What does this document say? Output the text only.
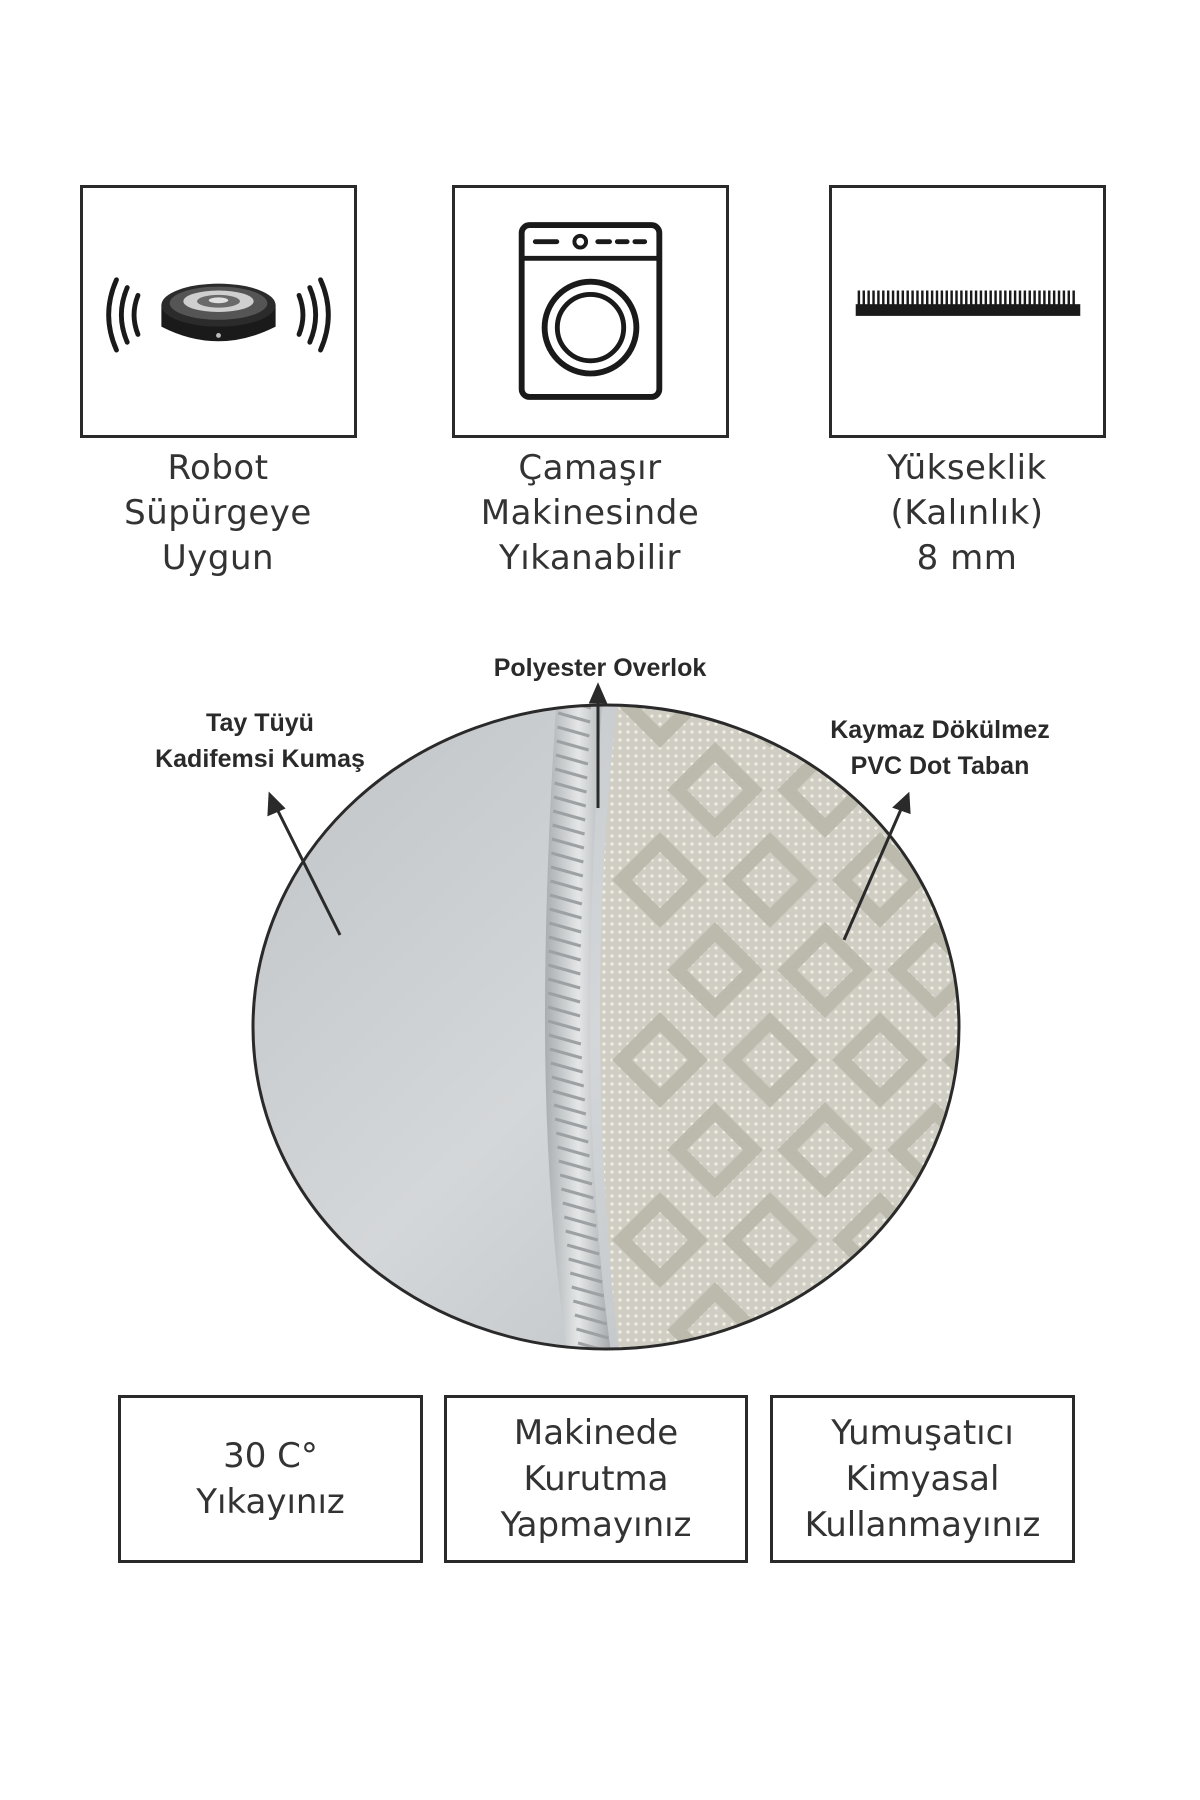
Robot
Süpürgeye
Uygun
Çamaşır
Makinesinde
Yıkanabilir
Yükseklik
(Kalınlık)
8 mm
Tay Tüyü
Kadifemsi Kumaş
Polyester Overlok
Kaymaz Dökülmez
PVC Dot Taban
30 C°
Yıkayınız
Makinede
Kurutma
Yapmayınız
Yumuşatıcı
Kimyasal
Kullanmayınız
